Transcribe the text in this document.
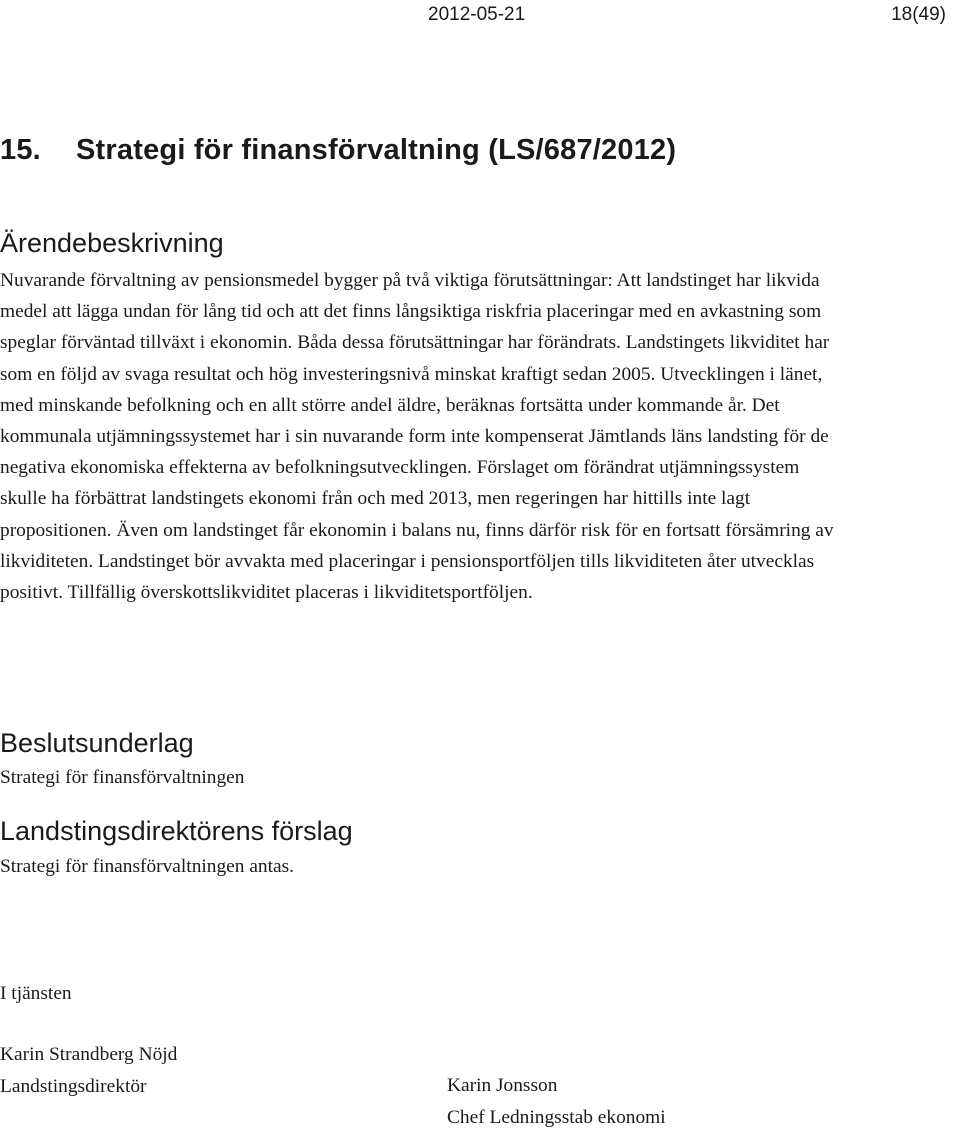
2012-05-21	18(49)
15. Strategi för finansförvaltning (LS/687/2012)
Ärendebeskrivning

Nuvarande förvaltning av pensionsmedel bygger på två viktiga förutsättningar: Att landstinget har likvida medel att lägga undan för lång tid och att det finns långsiktiga riskfria placeringar med en avkastning som speglar förväntad tillväxt i ekonomin. Båda dessa förutsättningar har förändrats. Landstingets likviditet har som en följd av svaga resultat och hög investeringsnivå minskat kraftigt sedan 2005. Utvecklingen i länet, med minskande befolkning och en allt större andel äldre, beräknas fortsätta under kommande år. Det kommunala utjämningssystemet har i sin nuvarande form inte kompenserat Jämtlands läns landsting för de negativa ekonomiska effekterna av befolkningsutvecklingen. Förslaget om förändrat utjämningssystem skulle ha förbättrat landstingets ekonomi från och med 2013, men regeringen har hittills inte lagt propositionen. Även om landstinget får ekonomin i balans nu, finns därför risk för en fortsatt försämring av likviditeten. Landstinget bör avvakta med placeringar i pensionsportföljen tills likviditeten åter utvecklas positivt. Tillfällig överskottslikviditet placeras i likviditetsportföljen.

Beslutsunderlag

Strategi för finansförvaltningen

Landstingsdirektörens förslag

Strategi för finansförvaltningen antas.

I tjänsten
Karin Strandberg Nöjd
Landstingsdirektör	Karin Jonsson
Chef Ledningsstab ekonomi
